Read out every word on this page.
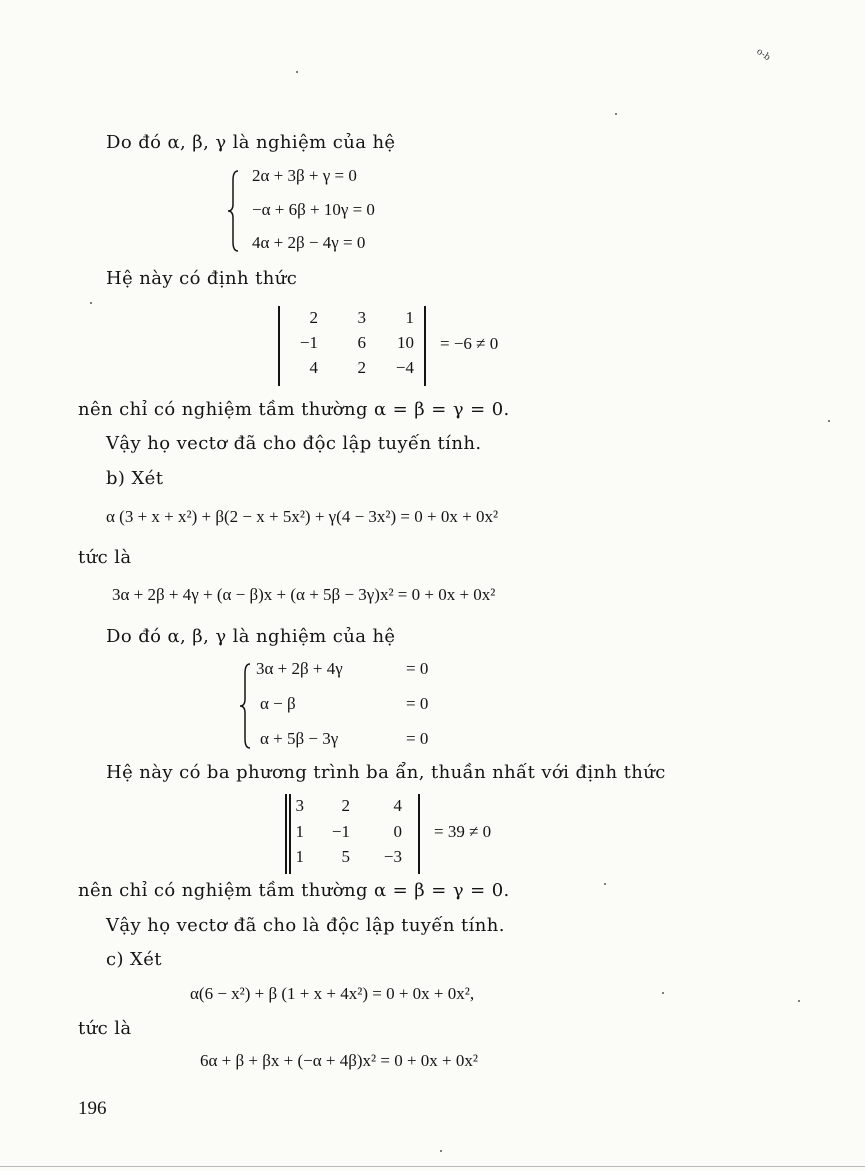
o-b
Do đó α, β, γ là nghiệm của hệ
2α + 3β + γ = 0
−α + 6β + 10γ = 0
4α + 2β − 4γ = 0
Hệ này có định thức
2 3 1
−1 6 10
4 2 −4
= −6 ≠ 0
nên chỉ có nghiệm tầm thường α = β = γ = 0.
Vậy họ vectơ đã cho độc lập tuyến tính.
b) Xét
α (3 + x + x²) + β(2 − x + 5x²) + γ(4 − 3x²) = 0 + 0x + 0x²
tức là
3α + 2β + 4γ + (α − β)x + (α + 5β − 3γ)x² = 0 + 0x + 0x²
Do đó α, β, γ là nghiệm của hệ
3α + 2β + 4γ	= 0
α − β	= 0
α + 5β − 3γ	= 0
Hệ này có ba phương trình ba ẩn, thuần nhất với định thức
3 2	4
1 −1	0
1 5 −3
= 39 ≠ 0
nên chỉ có nghiệm tầm thường α = β = γ = 0.
Vậy họ vectơ đã cho là độc lập tuyến tính.
c) Xét
α(6 − x²) + β (1 + x + 4x²) = 0 + 0x + 0x²,
tức là
6α + β + βx + (−α + 4β)x² = 0 + 0x + 0x²
196
